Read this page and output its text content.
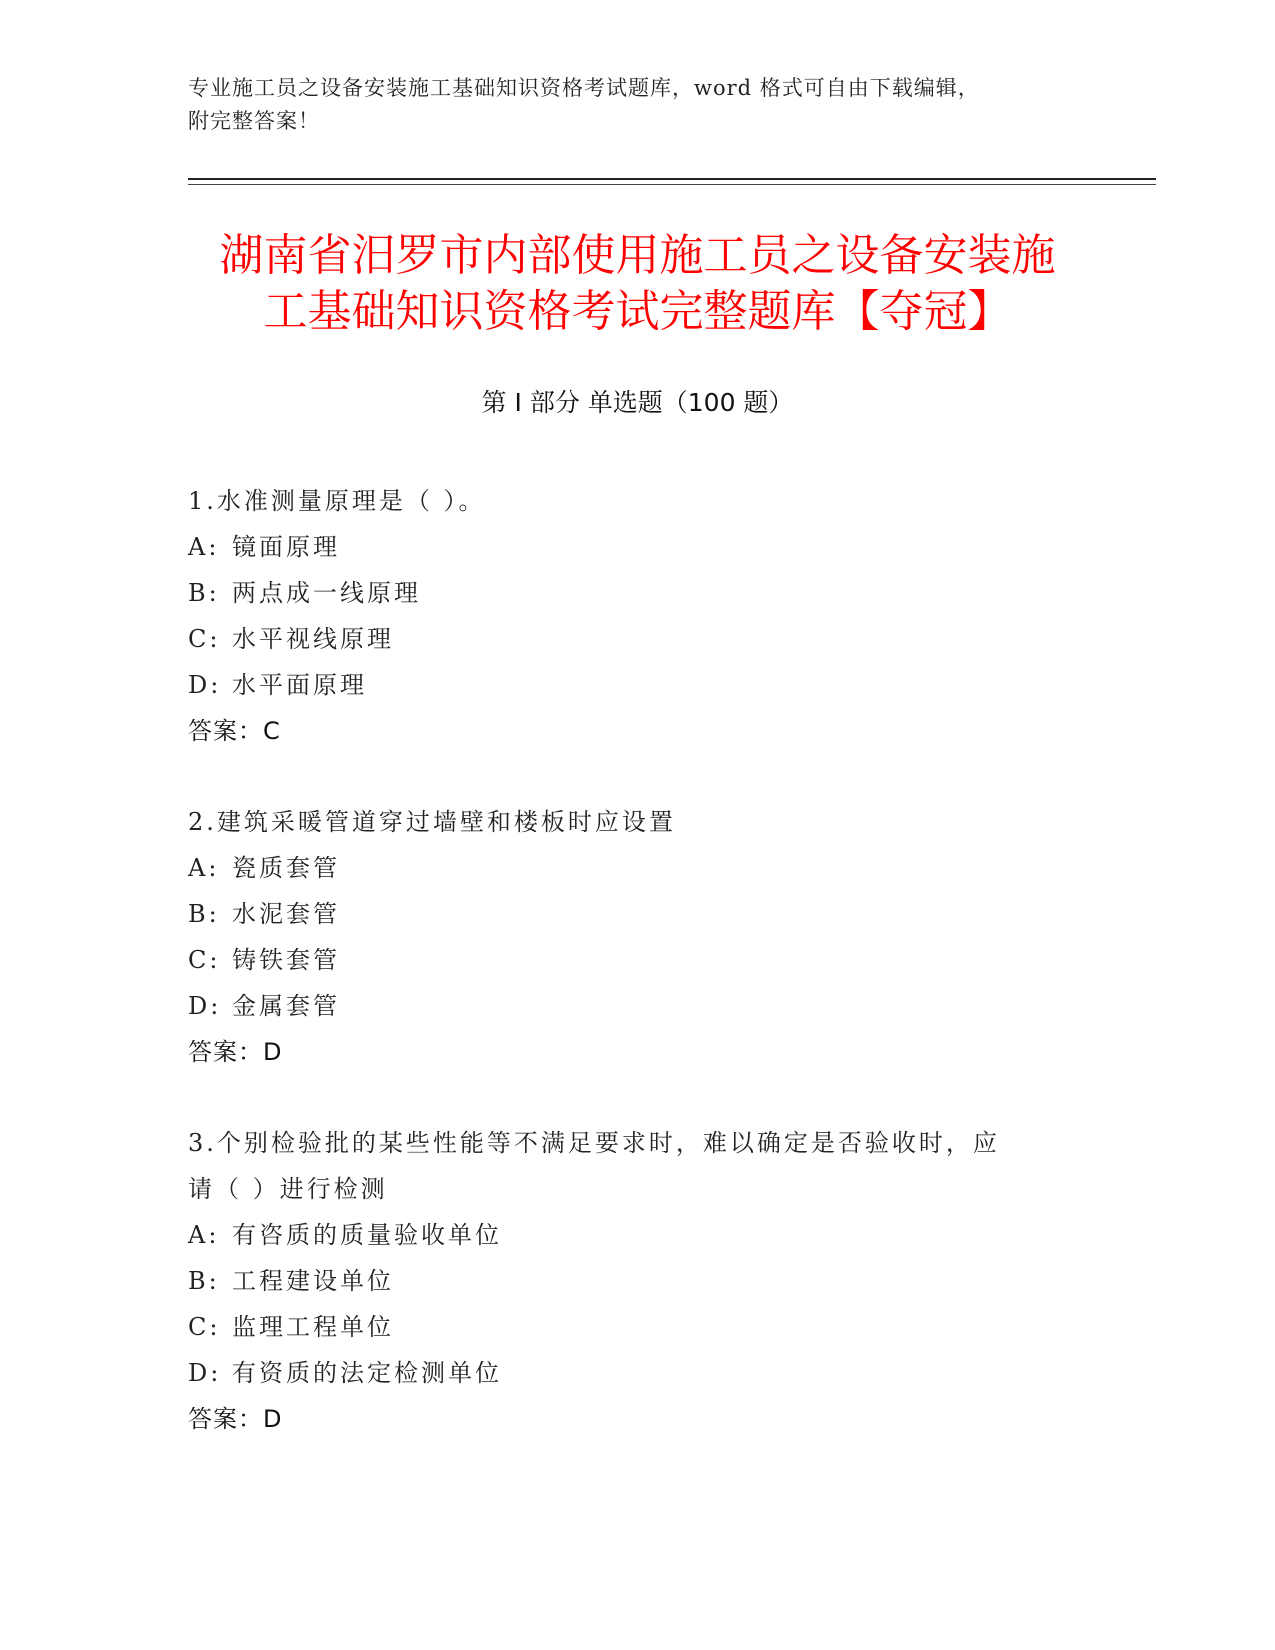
专业施工员之设备安装施工基础知识资格考试题库，word 格式可自由下载编辑，
附完整答案！
湖南省汨罗市内部使用施工员之设备安装施
工基础知识资格考试完整题库【夺冠】
第 I 部分 单选题（100 题）

1.水准测量原理是（ ）。

A: 镜面原理

B: 两点成一线原理

C: 水平视线原理

D: 水平面原理

答案：C

2.建筑采暖管道穿过墙壁和楼板时应设置

A: 瓷质套管

B: 水泥套管

C: 铸铁套管

D: 金属套管

答案：D

3.个别检验批的某些性能等不满足要求时，难以确定是否验收时，应

请（ ）进行检测

A: 有咨质的质量验收单位

B: 工程建设单位

C: 监理工程单位

D: 有资质的法定检测单位

答案：D
